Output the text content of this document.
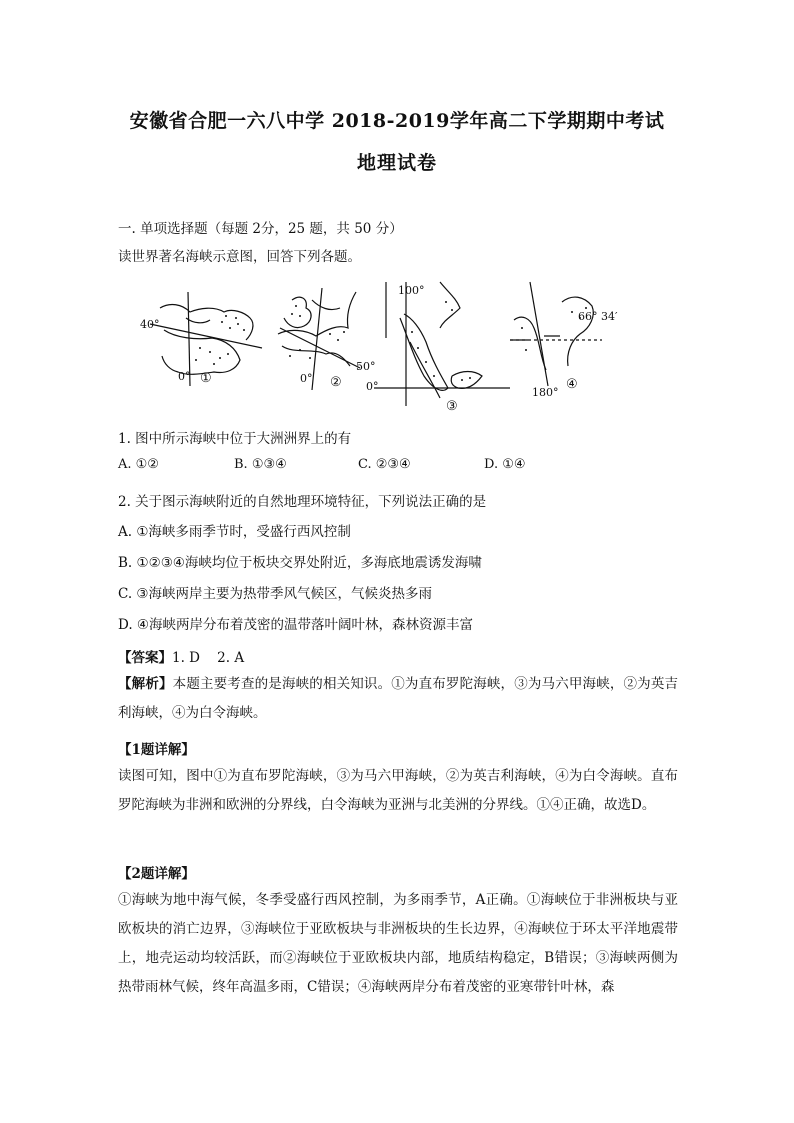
安徽省合肥一六八中学 2018-2019学年高二下学期期中考试
地理试卷
一. 单项选择题（每题 2分，25 题，共 50 分）
读世界著名海峡示意图，回答下列各题。
40°
0° ①
50°
0° ②
100°
0°
③
66° 34′
180°
④
1. 图中所示海峡中位于大洲洲界上的有
A. ①②	B. ①③④	C. ②③④	D. ①④
2. 关于图示海峡附近的自然地理环境特征，下列说法正确的是
A. ①海峡多雨季节时，受盛行西风控制
B. ①②③④海峡均位于板块交界处附近，多海底地震诱发海啸
C. ③海峡两岸主要为热带季风气候区，气候炎热多雨
D. ④海峡两岸分布着茂密的温带落叶阔叶林，森林资源丰富
【答案】1. D    2. A
【解析】本题主要考查的是海峡的相关知识。①为直布罗陀海峡，③为马六甲海峡，②为英吉利海峡，④为白令海峡。
【1题详解】
读图可知，图中①为直布罗陀海峡，③为马六甲海峡，②为英吉利海峡，④为白令海峡。直布罗陀海峡为非洲和欧洲的分界线，白令海峡为亚洲与北美洲的分界线。①④正确，故选D。
【2题详解】
①海峡为地中海气候，冬季受盛行西风控制，为多雨季节，A正确。①海峡位于非洲板块与亚欧板块的消亡边界，③海峡位于亚欧板块与非洲板块的生长边界，④海峡位于环太平洋地震带上，地壳运动均较活跃，而②海峡位于亚欧板块内部，地质结构稳定，B错误；③海峡两侧为热带雨林气候，终年高温多雨，C错误；④海峡两岸分布着茂密的亚寒带针叶林，森
